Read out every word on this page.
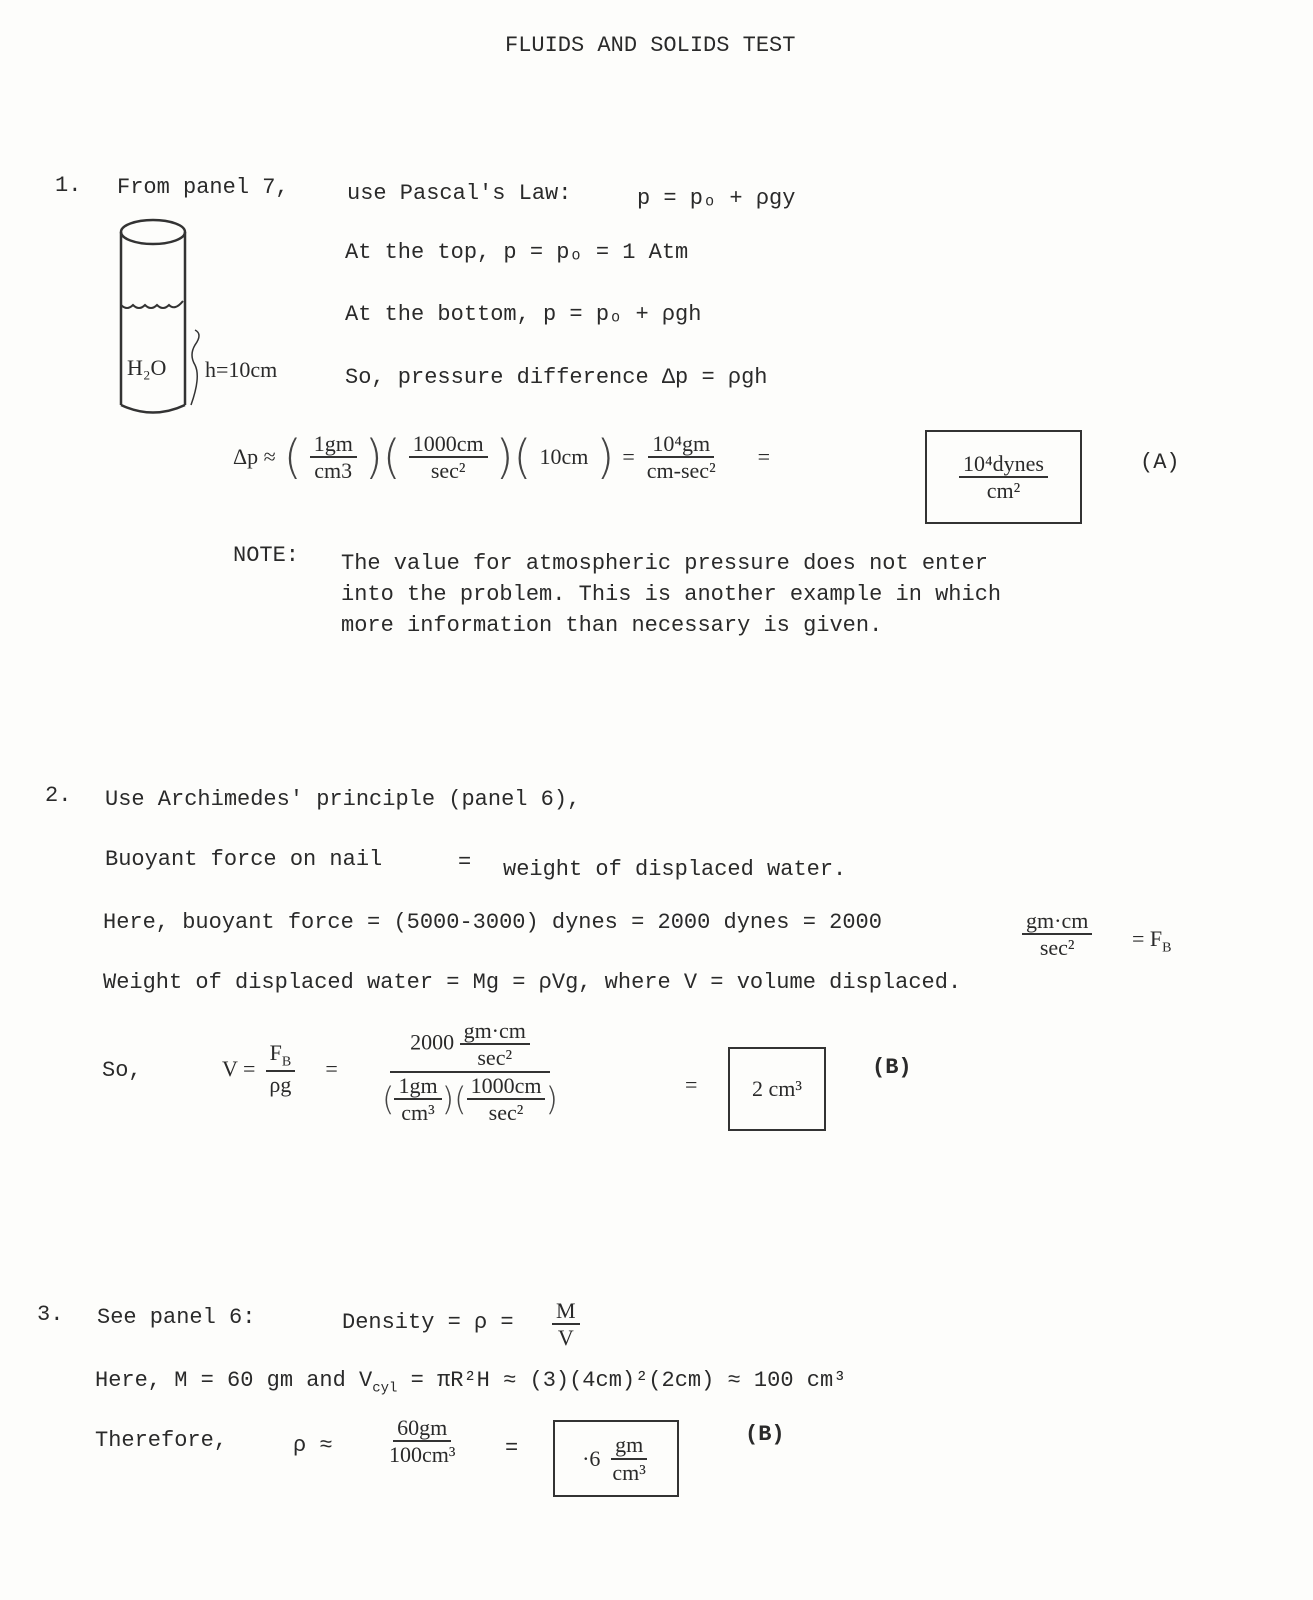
FLUIDS AND SOLIDS TEST
1. From panel 7,	use Pascal's Law:	p = pₒ + ρgy
At the top, p = pₒ = 1 Atm
At the bottom, p = pₒ + ρgh
So, pressure difference Δp = ρgh
H₂O h=10cm
Δp ≈ ( $\frac{1gm}{cm3}$ )( $\frac{1000cm}{\text{sec²}}$ )( 10cm ) = $\frac{\text{10⁴gm}}{\text{cm-sec²}}$ =	$\frac{\text{10⁴dynes}}{\text{cm²}}$	(A)
NOTE: The value for atmospheric pressure does not enter
into the problem. This is another example in which
more information than necessary is given.
2. Use Archimedes' principle (panel 6),
Buoyant force on nail	= weight of displaced water.
Here, buoyant force = (5000-3000) dynes = 2000 dynes = 2000	$\frac{gm\cdot cm}{\text{sec²}} = F_B$
Weight of displaced water = Mg = ρVg, where V = volume displaced.
So,	$V = \frac{F_B}{\rho g} = \frac{2000 \frac{gm\cdot cm}{\text{sec²}}}{( \frac{1gm}{\text{cm³}} )( \frac{1000cm}{\text{sec²}} )}$	= 2 cm³
(B)
3. See panel 6:	Density = $\rho = \frac{M}{V}$
Here, M = 60 gm and $V_{cyl} = \pi R^2H \approx (3)(4cm)^2(2cm) \approx 100$ cm³
Therefore,	$\rho \approx \frac{60gm}{\text{100cm³}}$ =	$\cdot 6 \frac{gm}{\text{cm³}}$	(B)
